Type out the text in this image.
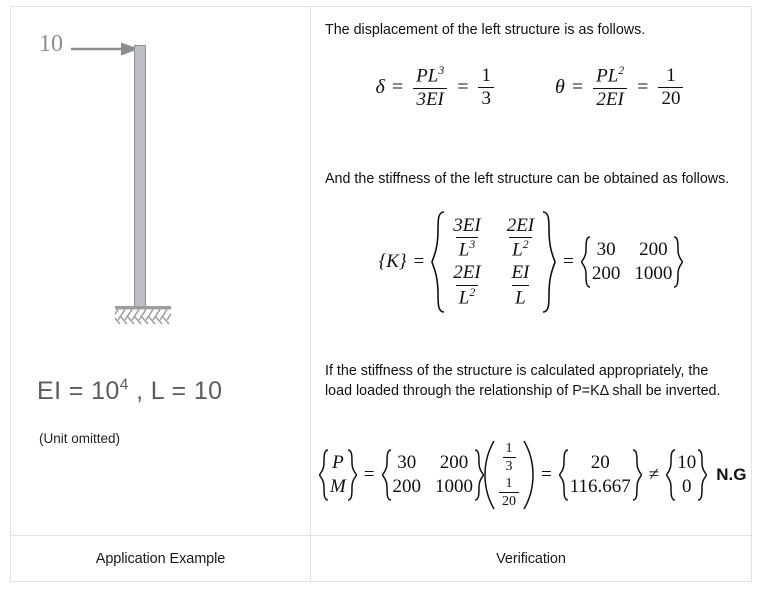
10
EI = $10^4$ , L = 10
(Unit omitted)
The displacement of the left structure is as follows.
$\delta = \frac{PL^3}{3EI} = \frac{1}{3}$
	$\theta = \frac{PL^2}{2EI} = \frac{1}{20}$
And the stiffness of the left structure can be obtained as follows.
{K} =
$\frac{3EI}{L^3} \frac{2EI}{L^2}$
$\frac{2EI}{L^2} \frac{EI}{L}$
=
30 200
200 1000
If the stiffness of the structure is calculated appropriately, the load loaded through the relationship of P=KΔ shall be inverted.
P
M
=
30 200
200 1000
$\frac{1}{3}$
$\frac{1}{20}$
=
20
116.667
≠
10
0
N.G
Application Example	Verification
